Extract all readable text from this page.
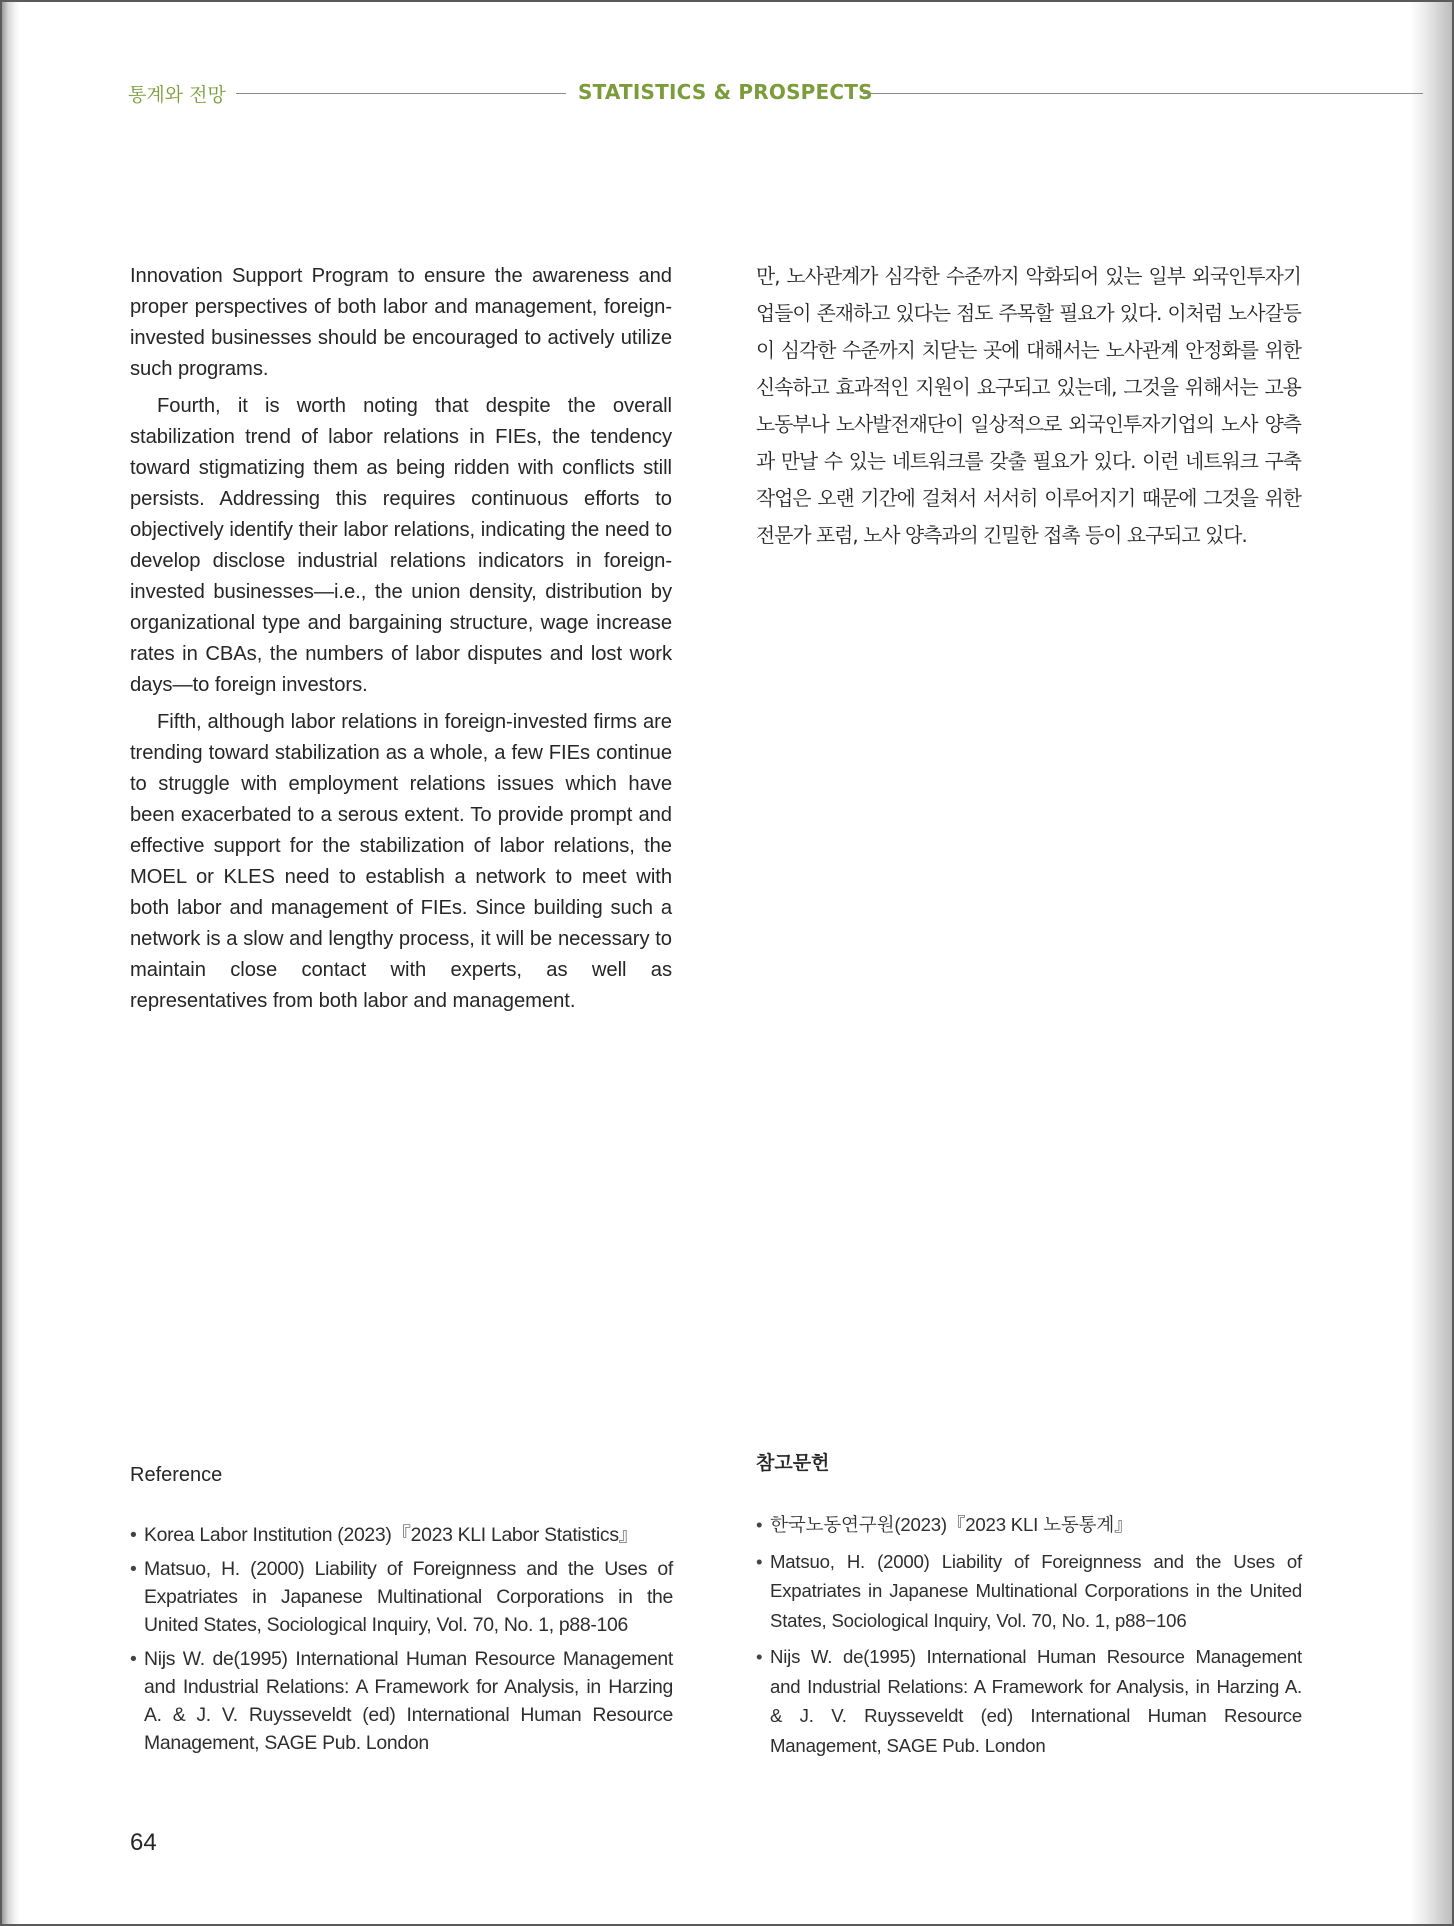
통계와 전망	STATISTICS & PROSPECTS

Innovation Support Program to ensure the awareness and proper perspectives of both labor and management, foreign-invested businesses should be encouraged to actively utilize such programs.

Fourth, it is worth noting that despite the overall stabilization trend of labor relations in FIEs, the tendency toward stigmatizing them as being ridden with conflicts still persists. Addressing this requires continuous efforts to objectively identify their labor relations, indicating the need to develop disclose industrial relations indicators in foreign-invested businesses—i.e., the union density, distribution by organizational type and bargaining structure, wage increase rates in CBAs, the numbers of labor disputes and lost work days—to foreign investors.

Fifth, although labor relations in foreign-invested firms are trending toward stabilization as a whole, a few FIEs continue to struggle with employment relations issues which have been exacerbated to a serous extent. To provide prompt and effective support for the stabilization of labor relations, the MOEL or KLES need to establish a network to meet with both labor and management of FIEs. Since building such a network is a slow and lengthy process, it will be necessary to maintain close contact with experts, as well as representatives from both labor and management.

만, 노사관계가 심각한 수준까지 악화되어 있는 일부 외국인투자기업들이 존재하고 있다는 점도 주목할 필요가 있다. 이처럼 노사갈등이 심각한 수준까지 치닫는 곳에 대해서는 노사관계 안정화를 위한 신속하고 효과적인 지원이 요구되고 있는데, 그것을 위해서는 고용노동부나 노사발전재단이 일상적으로 외국인투자기업의 노사 양측과 만날 수 있는 네트워크를 갖출 필요가 있다. 이런 네트워크 구축 작업은 오랜 기간에 걸쳐서 서서히 이루어지기 때문에 그것을 위한 전문가 포럼, 노사 양측과의 긴밀한 접촉 등이 요구되고 있다.

Reference
• Korea Labor Institution (2023)『2023 KLI Labor Statistics』
• Matsuo, H. (2000) Liability of Foreignness and the Uses of Expatriates in Japanese Multinational Corporations in the United States, Sociological Inquiry, Vol. 70, No. 1, p88-106
• Nijs W. de(1995) International Human Resource Management and Industrial Relations: A Framework for Analysis, in Harzing A. & J. V. Ruysseveldt (ed) International Human Resource Management, SAGE Pub. London
참고문헌
• 한국노동연구원(2023)『2023 KLI 노동통계』
• Matsuo, H. (2000) Liability of Foreignness and the Uses of Expatriates in Japanese Multinational Corporations in the United States, Sociological Inquiry, Vol. 70, No. 1, p88−106
• Nijs W. de(1995) International Human Resource Management and Industrial Relations: A Framework for Analysis, in Harzing A. & J. V. Ruysseveldt (ed) International Human Resource Management, SAGE Pub. London
64
